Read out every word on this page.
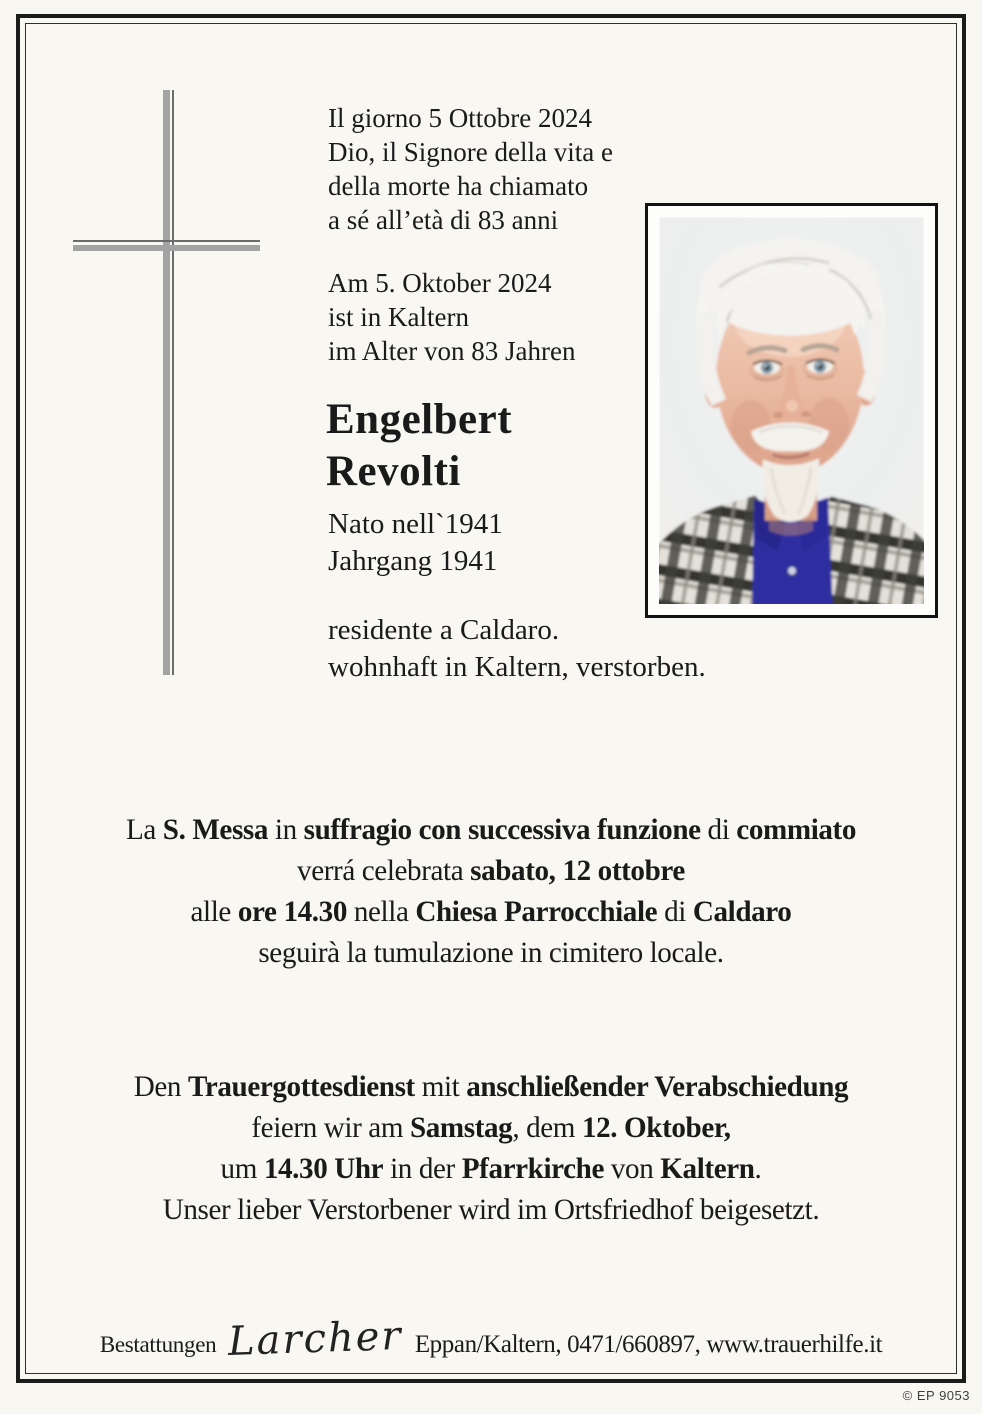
Il giorno 5 Ottobre 2024
Dio, il Signore della vita e
della morte ha chiamato
a sé all’età di 83 anni
Am 5. Oktober 2024
ist in Kaltern
im Alter von 83 Jahren
Engelbert
Revolti
Nato nell`1941
Jahrgang 1941
residente a Caldaro.
wohnhaft in Kaltern, verstorben.
La S. Messa in suffragio con successiva funzione di commiato
verrá celebrata sabato, 12 ottobre
alle ore 14.30 nella Chiesa Parrocchiale di Caldaro
seguirà la tumulazione in cimitero locale.
Den Trauergottesdienst mit anschließender Verabschiedung
feiern wir am Samstag, dem 12. Oktober,
um 14.30 Uhr in der Pfarrkirche von Kaltern.
Unser lieber Verstorbener wird im Ortsfriedhof beigesetzt.
Bestattungen Larcher Eppan/Kaltern, 0471/660897, www.trauerhilfe.it
© EP 9053
